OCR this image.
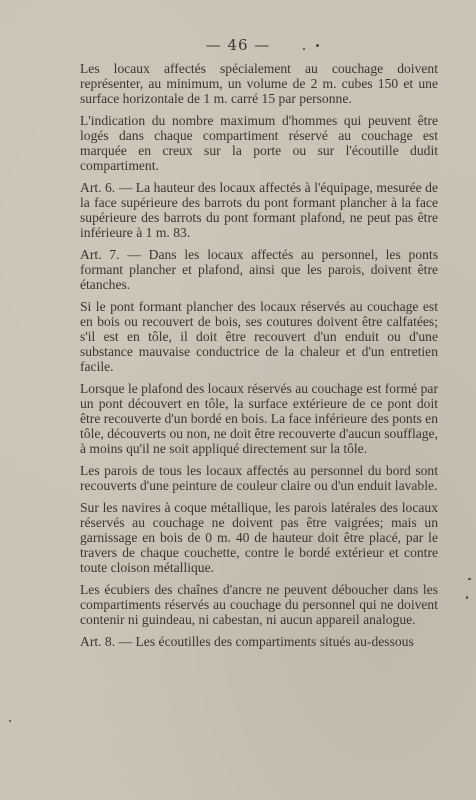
— 46 —

Les locaux affectés spécialement au couchage doivent représenter, au minimum, un volume de 2 m. cubes 150 et une surface horizontale de 1 m. carré 15 par personne.

L'indication du nombre maximum d'hommes qui peuvent être logés dans chaque compartiment réservé au couchage est marquée en creux sur la porte ou sur l'écoutille dudit compartiment.

Art. 6. — La hauteur des locaux affectés à l'équipage, mesurée de la face supérieure des barrots du pont formant plancher à la face supérieure des barrots du pont formant plafond, ne peut pas être inférieure à 1 m. 83.

Art. 7. — Dans les locaux affectés au personnel, les ponts formant plancher et plafond, ainsi que les parois, doivent être étanches.

Si le pont formant plancher des locaux réservés au couchage est en bois ou recouvert de bois, ses coutures doivent être calfatées; s'il est en tôle, il doit être recouvert d'un enduit ou d'une substance mauvaise conductrice de la chaleur et d'un entretien facile.

Lorsque le plafond des locaux réservés au couchage est formé par un pont découvert en tôle, la surface extérieure de ce pont doit être recouverte d'un bordé en bois. La face inférieure des ponts en tôle, découverts ou non, ne doit être recouverte d'aucun soufflage, à moins qu'il ne soit appliqué directement sur la tôle.

Les parois de tous les locaux affectés au personnel du bord sont recouverts d'une peinture de couleur claire ou d'un enduit lavable.

Sur les navires à coque métallique, les parois latérales des locaux réservés au couchage ne doivent pas être vaigrées; mais un garnissage en bois de 0 m. 40 de hauteur doit être placé, par le travers de chaque couchette, contre le bordé extérieur et contre toute cloison métallique.

Les écubiers des chaînes d'ancre ne peuvent déboucher dans les compartiments réservés au couchage du personnel qui ne doivent contenir ni guindeau, ni cabestan, ni aucun appareil analogue.

Art. 8. — Les écoutilles des compartiments situés au-dessous
